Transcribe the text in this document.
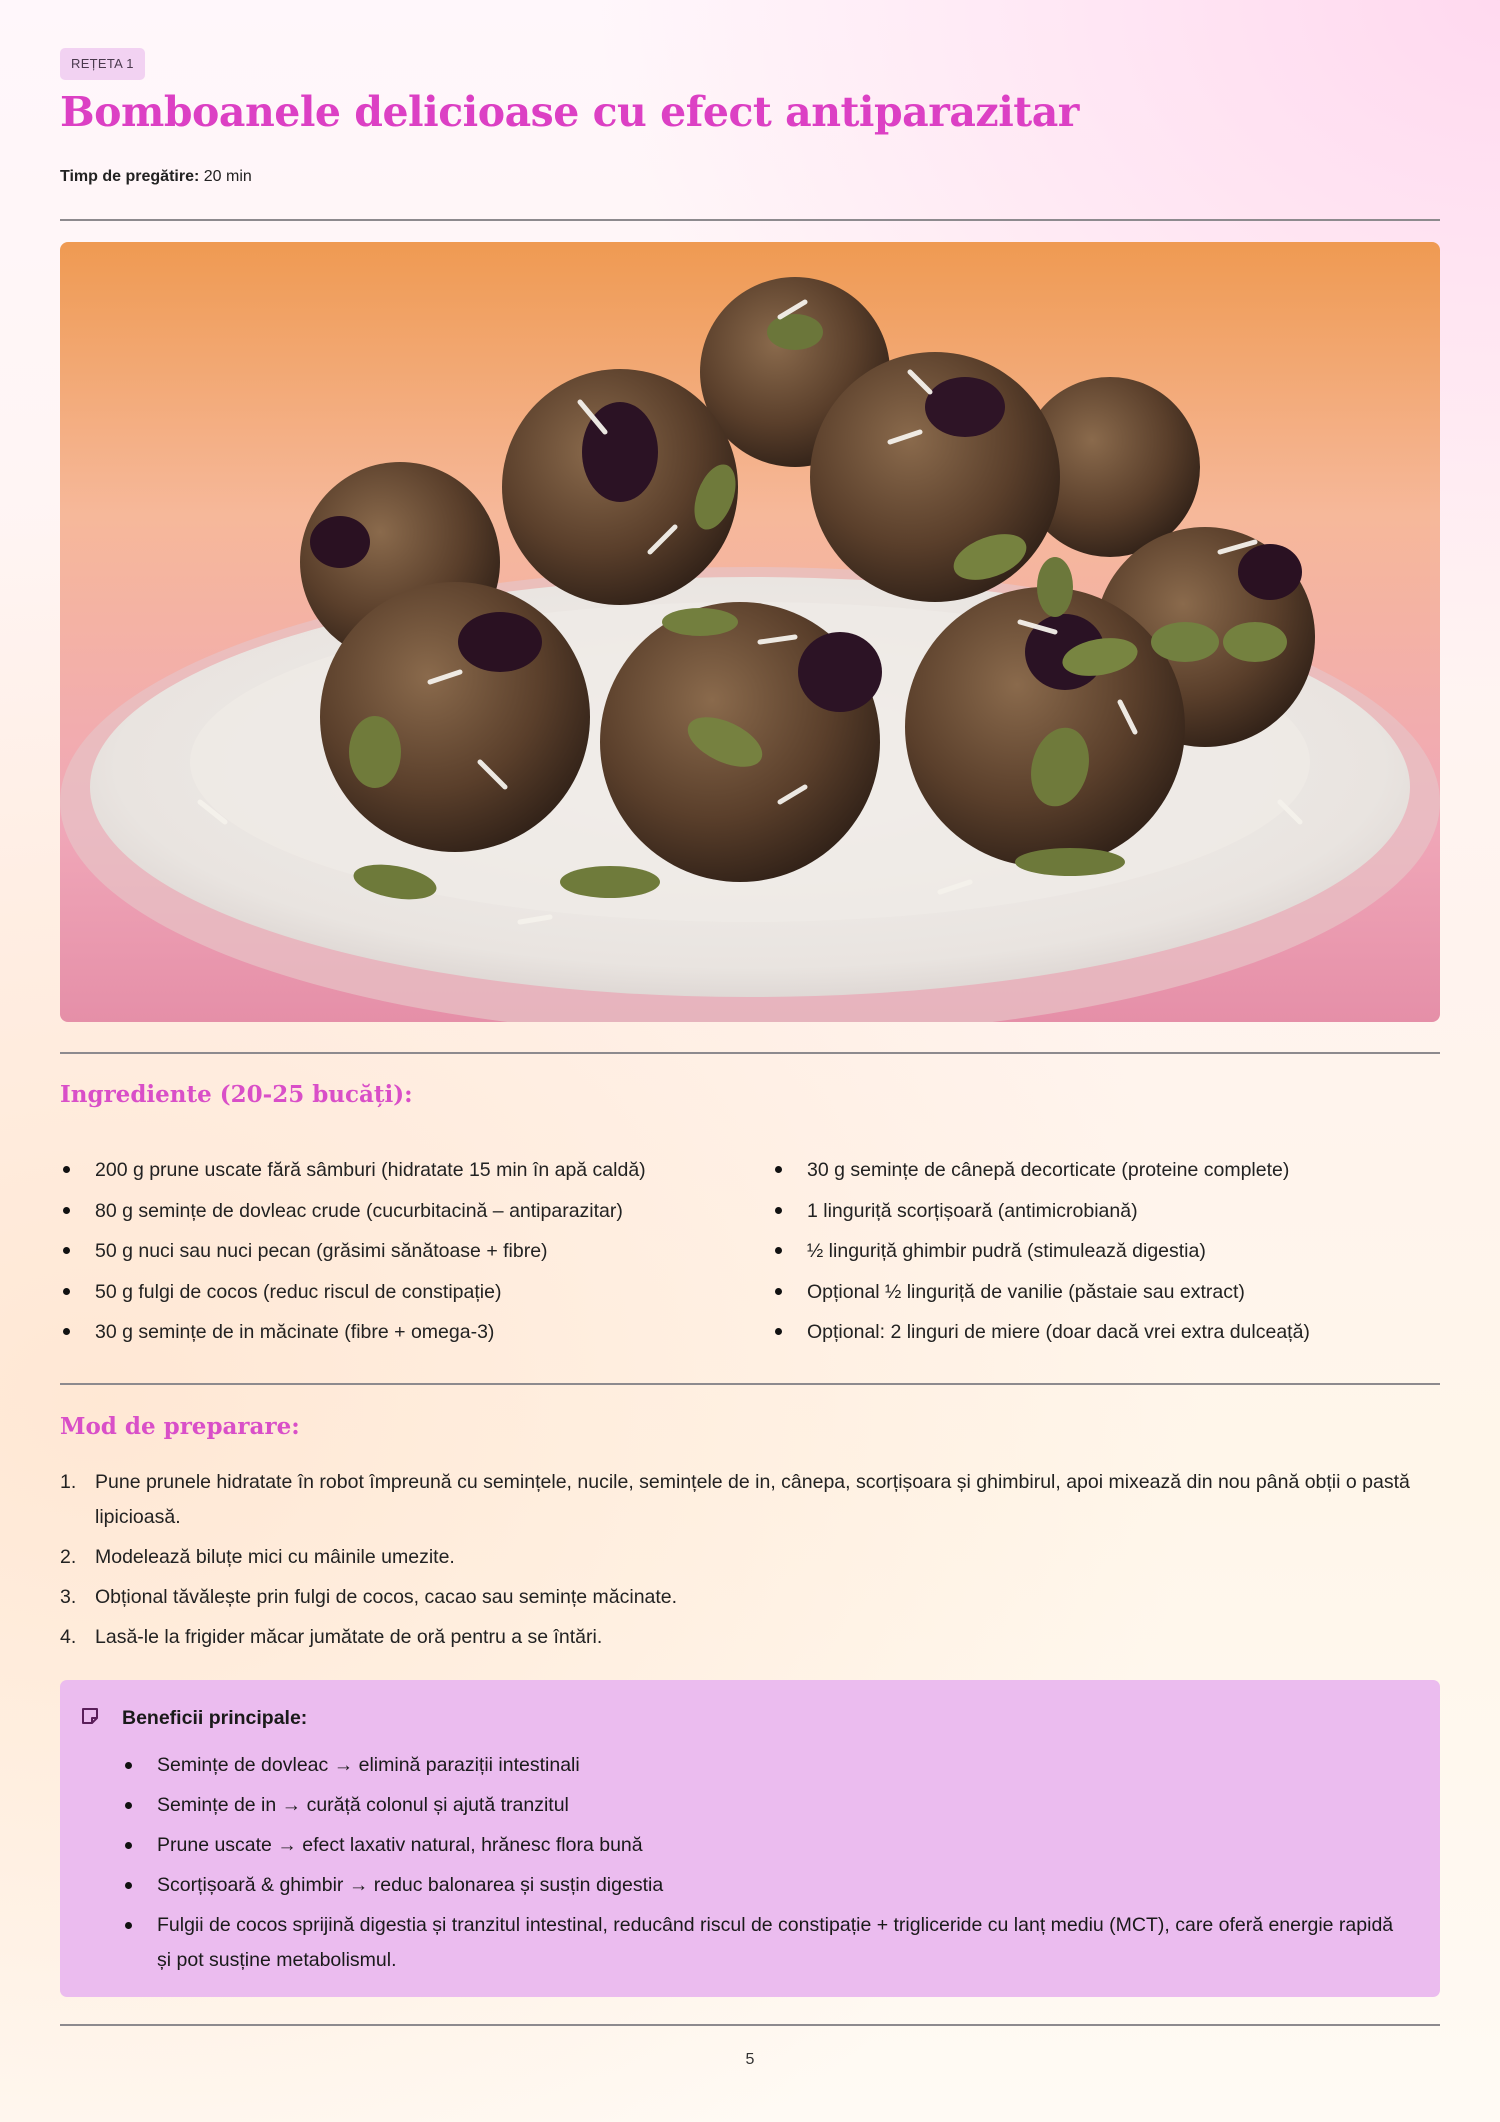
REȚETA 1
Bomboanele delicioase cu efect antiparazitar
Timp de pregătire: 20 min
Ingrediente (20-25 bucăți):
200 g prune uscate fără sâmburi (hidratate 15 min în apă caldă)
80 g semințe de dovleac crude (cucurbitacină – antiparazitar)
50 g nuci sau nuci pecan (grăsimi sănătoase + fibre)
50 g fulgi de cocos (reduc riscul de constipație)
30 g semințe de in măcinate (fibre + omega-3)
30 g semințe de cânepă decorticate (proteine complete)
1 linguriță scorțișoară (antimicrobiană)
½ linguriță ghimbir pudră (stimulează digestia)
Opțional ½ linguriță de vanilie (păstaie sau extract)
Opțional: 2 linguri de miere (doar dacă vrei extra dulceață)
Mod de preparare:
1. Pune prunele hidratate în robot împreună cu semințele, nucile, semințele de in, cânepa, scorțișoara și ghimbirul, apoi mixează din nou până obții o pastă lipicioasă.
2. Modelează biluțe mici cu mâinile umezite.
3. Obțional tăvălește prin fulgi de cocos, cacao sau semințe măcinate.
4. Lasă-le la frigider măcar jumătate de oră pentru a se întări.
Beneficii principale:
Semințe de dovleac → elimină paraziții intestinali
Semințe de in → curăță colonul și ajută tranzitul
Prune uscate → efect laxativ natural, hrănesc flora bună
Scorțișoară & ghimbir → reduc balonarea și susțin digestia
Fulgii de cocos sprijină digestia și tranzitul intestinal, reducând riscul de constipație + trigliceride cu lanț mediu (MCT), care oferă energie rapidă și pot susține metabolismul.
5
